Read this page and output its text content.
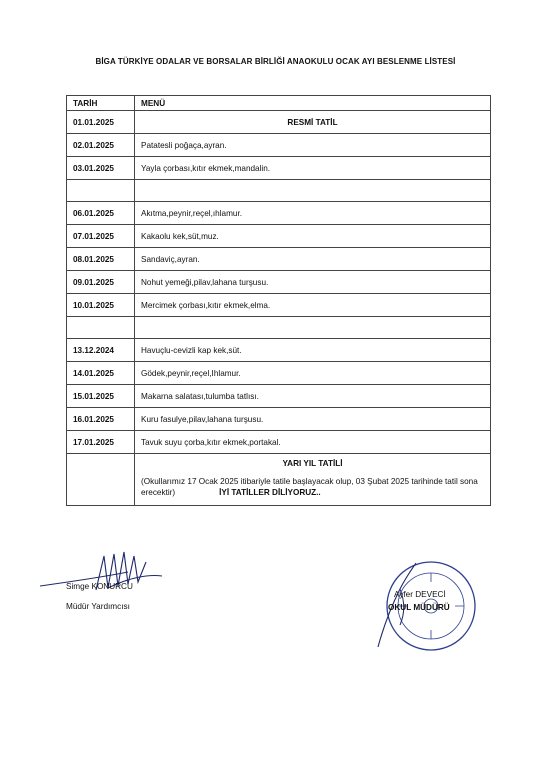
BİGA TÜRKİYE ODALAR VE BORSALAR BİRLİĞİ ANAOKULU OCAK AYI BESLENME LİSTESİ
TARİH	MENÜ
01.01.2025	RESMİ TATİL

02.01.2025	Patatesli poğaça,ayran.
03.01.2025	Yayla çorbası,kıtır ekmek,mandalin.

06.01.2025	Akıtma,peynir,reçel,ıhlamur.
07.01.2025	Kakaolu kek,süt,muz.
08.01.2025	Sandaviç,ayran.
09.01.2025	Nohut yemeği,pilav,lahana turşusu.
10.01.2025	Mercimek çorbası,kıtır ekmek,elma.

13.12.2024	Havuçlu-cevizli kap kek,süt.
14.01.2025	Gödek,peynir,reçel,Ihlamur.
15.01.2025	Makarna salatası,tulumba tatlısı.
16.01.2025	Kuru fasulye,pilav,lahana turşusu.
17.01.2025	Tavuk suyu çorba,kıtır ekmek,portakal.

	YARI YIL TATİLİ
(Okullarımız 17 Ocak 2025 itibariyle tatile başlayacak olup, 03 Şubat 2025 tarihinde tatil sona erecektir) İYİ TATİLLER DİLİYORUZ..
Simge KONURCU
Müdür Yardımcısı
Ayfer DEVECİ
OKUL MÜDÜRÜ
